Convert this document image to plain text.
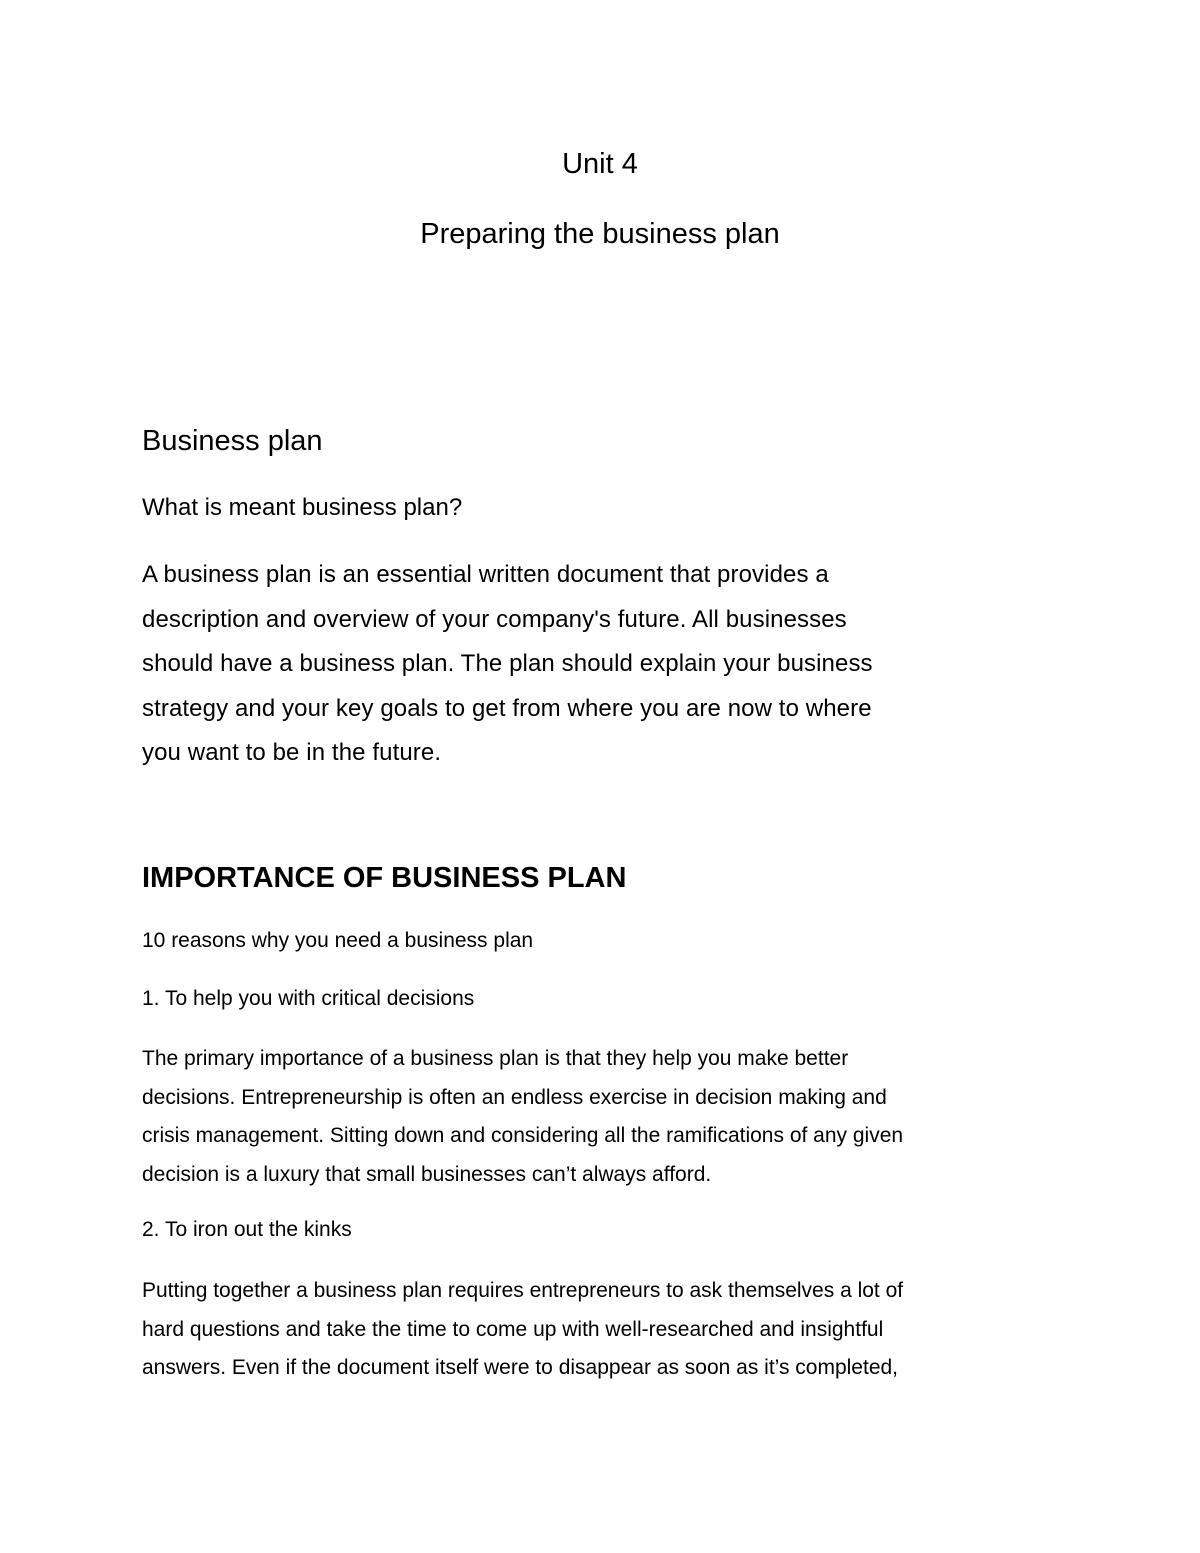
Unit 4
Preparing the business plan
Business plan
What is meant business plan?
A business plan is an essential written document that provides a
description and overview of your company's future. All businesses
should have a business plan. The plan should explain your business
strategy and your key goals to get from where you are now to where
you want to be in the future.
IMPORTANCE OF BUSINESS PLAN
10 reasons why you need a business plan
1. To help you with critical decisions
The primary importance of a business plan is that they help you make better
decisions. Entrepreneurship is often an endless exercise in decision making and
crisis management. Sitting down and considering all the ramifications of any given
decision is a luxury that small businesses can’t always afford.
2. To iron out the kinks
Putting together a business plan requires entrepreneurs to ask themselves a lot of
hard questions and take the time to come up with well-researched and insightful
answers. Even if the document itself were to disappear as soon as it’s completed,
